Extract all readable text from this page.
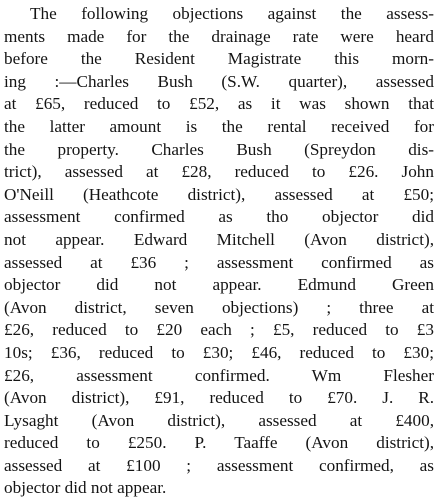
The following objections against the assess-
ments made for the drainage rate were heard
before the Resident Magistrate this morn-
ing :—Charles Bush (S.W. quarter), assessed
at £65, reduced to £52, as it was shown that
the latter amount is the rental received for
the property. Charles Bush (Spreydon dis-
trict), assessed at £28, reduced to £26. John
O'Neill (Heathcote district), assessed at £50;
assessment confirmed as tho objector did
not appear. Edward Mitchell (Avon district),
assessed at £36 ; assessment confirmed as
objector did not appear. Edmund Green
(Avon district, seven objections) ; three at
£26, reduced to £20 each ; £5, reduced to £3
10s; £36, reduced to £30; £46, reduced to £30;
£26, assessment confirmed. Wm Flesher
(Avon district), £91, reduced to £70. J. R.
Lysaght (Avon district), assessed at £400,
reduced to £250. P. Taaffe (Avon district),
assessed at £100 ; assessment confirmed, as
objector did not appear.
